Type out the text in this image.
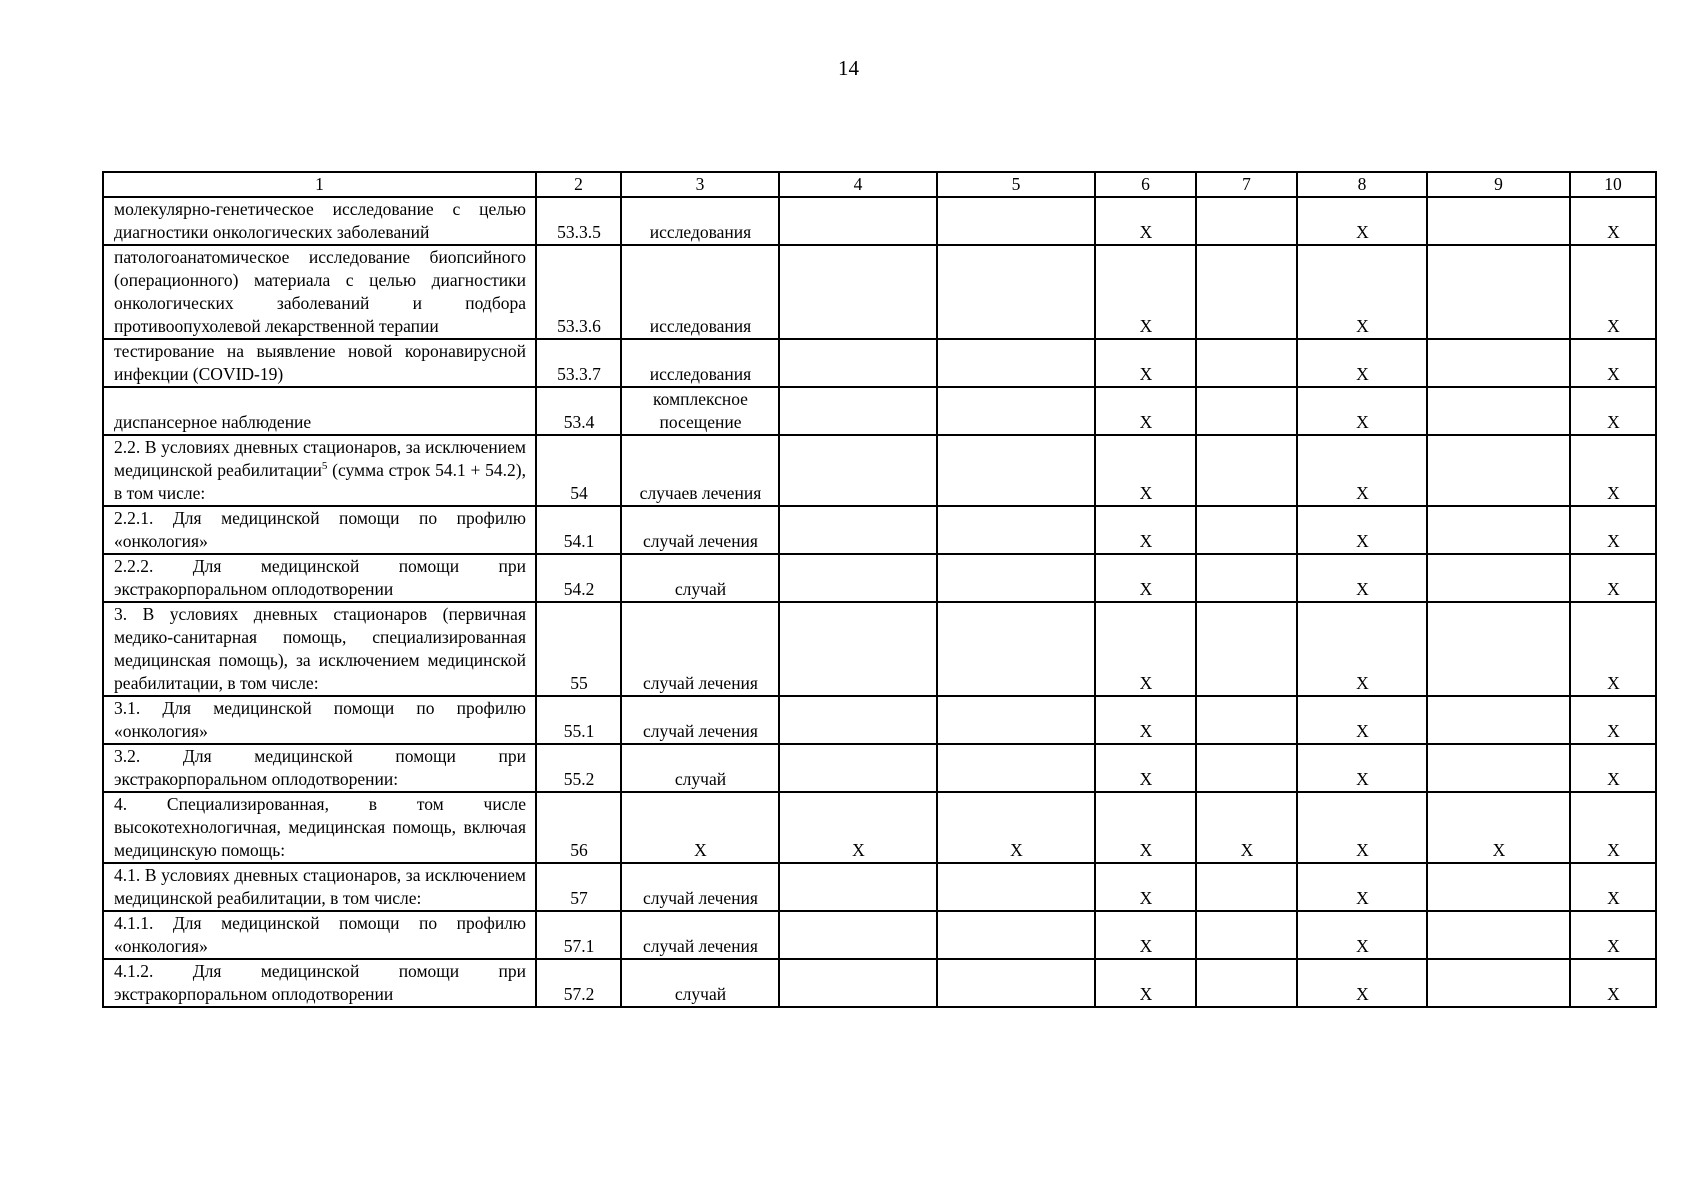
14
1	2	3	4	5	6	7	8	9	10
молекулярно-генетическое исследование с целью диагностики онкологических заболеваний	53.3.5	исследования			X		X		X
патологоанатомическое исследование биопсийного (операционного) материала с целью диагностики онкологических заболеваний и подбора противоопухолевой лекарственной терапии	53.3.6	исследования			X		X		X
тестирование на выявление новой коронавирусной инфекции (COVID-19)	53.3.7	исследования			X		X		X
диспансерное наблюдение	53.4	комплексное посещение			X		X		X
2.2. В условиях дневных стационаров, за исключением медицинской реабилитации$^5$ (сумма строк 54.1 + 54.2), в том числе:	54	случаев лечения			X		X		X
2.2.1. Для медицинской помощи по профилю «онкология»	54.1	случай лечения			X		X		X
2.2.2. Для медицинской помощи при экстракорпоральном оплодотворении	54.2	случай			X		X		X
3. В условиях дневных стационаров (первичная медико-санитарная помощь, специализированная медицинская помощь), за исключением медицинской реабилитации, в том числе:	55	случай лечения			X		X		X
3.1. Для медицинской помощи по профилю «онкология»	55.1	случай лечения			X		X		X
3.2. Для медицинской помощи при экстракорпоральном оплодотворении:	55.2	случай			X		X		X
4. Специализированная, в том числе высокотехнологичная, медицинская помощь, включая медицинскую помощь:	56	X	X	X	X	X	X	X	X
4.1. В условиях дневных стационаров, за исключением медицинской реабилитации, в том числе:	57	случай лечения			X		X		X
4.1.1. Для медицинской помощи по профилю «онкология»	57.1	случай лечения			X		X		X
4.1.2. Для медицинской помощи при экстракорпоральном оплодотворении	57.2	случай			X		X		X
